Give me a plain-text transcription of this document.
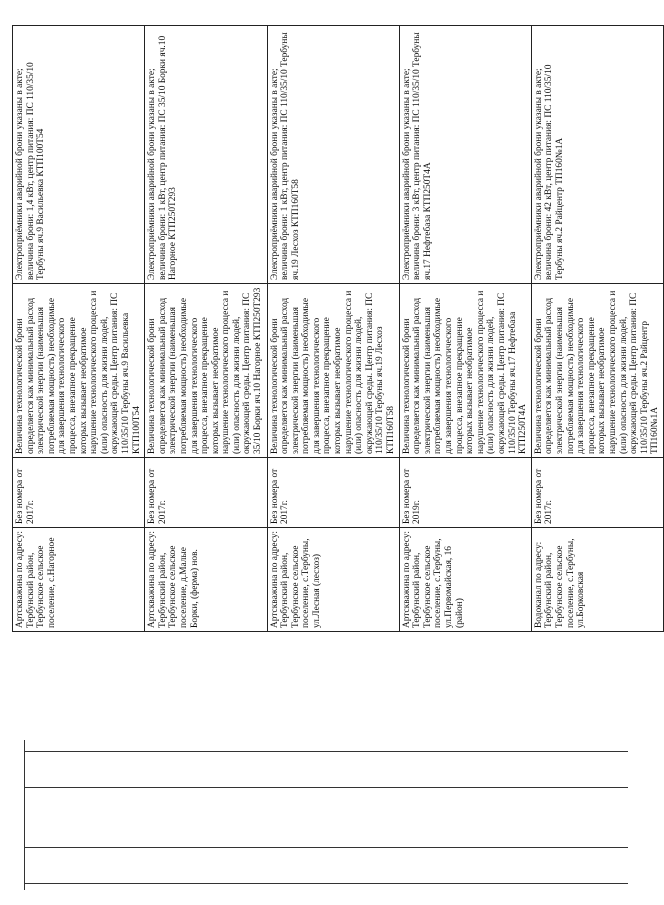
Артскважина по адресу: Тербунский район, Тербунское сельское поселение, с.Нагорное	Без номера от 2017г.	Величина технологической брони определяется как минимальный расход электрической энергии (наименьшая потребляемая мощность) необходимые для завершения технологического процесса, внезапное прекращение которых вызывает необратимое нарушение технологического процесса и (или) опасность для жизни людей, окружающей среды. Центр питания: ПС 110/35/10 Тербуны яч.9 Васильевка КТП100Т54	Электроприёмники аварийной брони указаны в акте; величина брони: 1,4 кВт, центр питания: ПС 110/35/10 Тербуны яч.9 Васильевка КТП100Т54
Артскважина по адресу: Тербунский район, Тербунское сельское поселение, д.Малые Борки, (ферма) нов.	Без номера от 2017г.	Величина технологической брони определяется как минимальный расход электрической энергии (наименьшая потребляемая мощность) необходимые для завершения технологического процесса, внезапное прекращение которых вызывает необратимое нарушение технологического процесса и (или) опасность для жизни людей, окружающей среды. Центр питания: ПС 35/10 Борки яч.10 Нагорное КТП250Т293	Электроприёмники аварийной брони указаны в акте; величина брони: 1 кВт, центр питания: ПС 35/10 Борки яч.10 Нагорное КТП250Т293
Артскважина по адресу: Тербунский район, Тербунское сельское поселение, с.Тербуны, ул.Лесная (лесхоз)	Без номера от 2017г.	Величина технологической брони определяется как минимальный расход электрической энергии (наименьшая потребляемая мощность) необходимые для завершения технологического процесса, внезапное прекращение которых вызывает необратимое нарушение технологического процесса и (или) опасность для жизни людей, окружающей среды. Центр питания: ПС 110/35/10 Тербуны яч.19 Лесхоз КТП160Т58	Электроприёмники аварийной брони указаны в акте; величина брони: 1 кВт, центр питания: ПС 110/35/10 Тербуны яч.19 Лесхоз КТП160Т58
Артскважина по адресу: Тербунский район, Тербунское сельское поселение, с.Тербуны, ул.Первомайская, 16 (район)	Без номера от 2019г.	Величина технологической брони определяется как минимальный расход электрической энергии (наименьшая потребляемая мощность) необходимые для завершения технологического процесса, внезапное прекращение которых вызывает необратимое нарушение технологического процесса и (или) опасность для жизни людей, окружающей среды. Центр питания: ПС 110/35/10 Тербуны яч.17 Нефтебаза КТП250Т4А	Электроприёмники аварийной брони указаны в акте; величина брони: 3 кВт, центр питания: ПС 110/35/10 Тербуны яч.17 Нефтебаза КТП250Т4А
Водоканал по адресу: Тербунский район, Тербунское сельское поселение, с.Тербуны, ул.Борковская	Без номера от 2017г.	Величина технологической брони определяется как минимальный расход электрической энергии (наименьшая потребляемая мощность) необходимые для завершения технологического процесса, внезапное прекращение которых вызывает необратимое нарушение технологического процесса и (или) опасность для жизни людей, окружающей среды. Центр питания: ПС 110/35/10 Тербуны яч.2 Райцентр ТП160№1А	Электроприёмники аварийной брони указаны в акте; величина брони: 42 кВт, центр питания: ПС 110/35/10 Тербуны яч.2 Райцентр ТП160№1А
